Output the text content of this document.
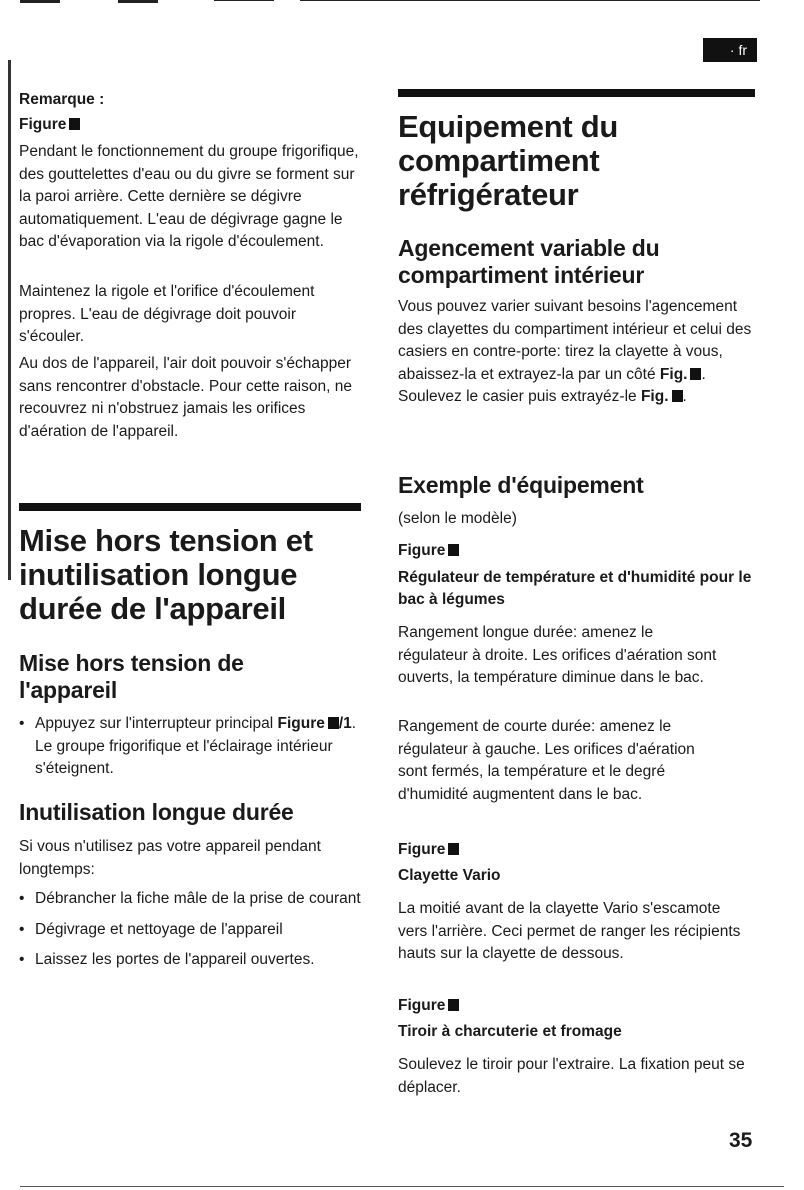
· fr

Remarque :

Figure

Pendant le fonctionnement du groupe frigorifique, des gouttelettes d'eau ou du givre se forment sur la paroi arrière. Cette dernière se dégivre automatiquement. L'eau de dégivrage gagne le bac d'évaporation via la rigole d'écoulement.

Maintenez la rigole et l'orifice d'écoulement propres. L'eau de dégivrage doit pouvoir s'écouler.

Au dos de l'appareil, l'air doit pouvoir s'échapper sans rencontrer d'obstacle. Pour cette raison, ne recouvrez ni n'obstruez jamais les orifices d'aération de l'appareil.

Mise hors tension et
inutilisation longue
durée de l'appareil
Mise hors tension de
l'appareil
• Appuyez sur l'interrupteur principal Figure /1. Le groupe frigorifique et l'éclairage intérieur s'éteignent.
Inutilisation longue durée

Si vous n'utilisez pas votre appareil pendant longtemps:

• Débrancher la fiche mâle de la prise de courant
• Dégivrage et nettoyage de l'appareil
• Laissez les portes de l'appareil ouvertes.
Equipement du
compartiment
réfrigérateur
Agencement variable du
compartiment intérieur

Vous pouvez varier suivant besoins l'agencement des clayettes du compartiment intérieur et celui des casiers en contre-porte: tirez la clayette à vous, abaissez-la et extrayez-la par un côté Fig. . Soulevez le casier puis extrayéz-le Fig. .

Exemple d'équipement

(selon le modèle)

Figure

Régulateur de température et d'humidité pour le bac à légumes

Rangement longue durée: amenez le régulateur à droite. Les orifices d'aération sont ouverts, la température diminue dans le bac.

Rangement de courte durée: amenez le régulateur à gauche. Les orifices d'aération sont fermés, la température et le degré d'humidité augmentent dans le bac.

Figure

Clayette Vario

La moitié avant de la clayette Vario s'escamote vers l'arrière. Ceci permet de ranger les récipients hauts sur la clayette de dessous.

Figure

Tiroir à charcuterie et fromage

Soulevez le tiroir pour l'extraire. La fixation peut se déplacer.

35
